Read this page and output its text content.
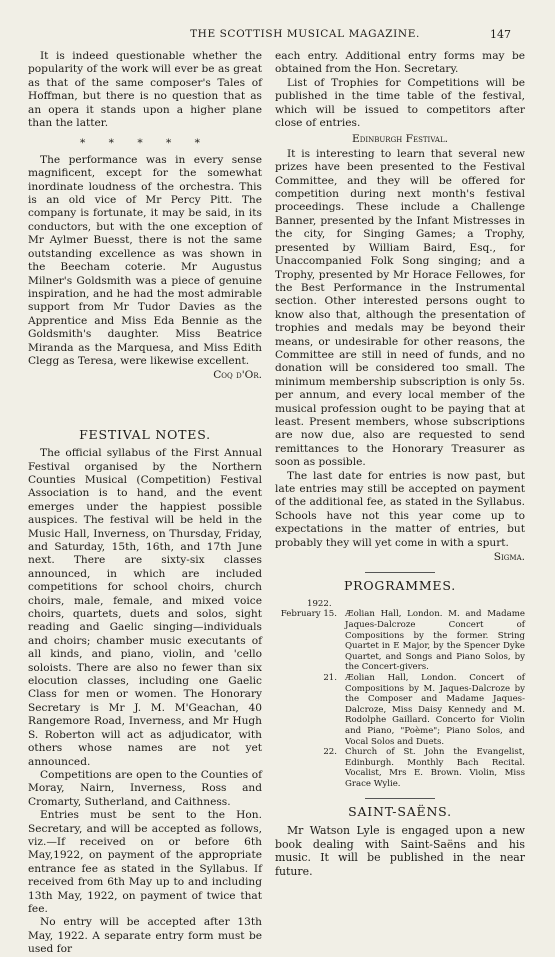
THE SCOTTISH MUSICAL MAGAZINE.	147

It is indeed questionable whether the popularity of the work will ever be as great as that of the same composer's Tales of Hoffman, but there is no question that as an opera it stands upon a higher plane than the latter.

* * * * *

The performance was in every sense magnificent, except for the somewhat inordinate loudness of the orchestra. This is an old vice of Mr Percy Pitt. The company is fortunate, it may be said, in its conductors, but with the one exception of Mr Aylmer Buesst, there is not the same outstanding excellence as was shown in the Beecham coterie. Mr Augustus Milner's Goldsmith was a piece of genuine inspiration, and he had the most admirable support from Mr Tudor Davies as the Apprentice and Miss Eda Bennie as the Goldsmith's daughter. Miss Beatrice Miranda as the Marquesa, and Miss Edith Clegg as Teresa, were likewise excellent.

Coq d'Or.
FESTIVAL NOTES.

The official syllabus of the First Annual Festival organised by the Northern Counties Musical (Competition) Festival Association is to hand, and the event emerges under the happiest possible auspices. The festival will be held in the Music Hall, Inverness, on Thursday, Friday, and Saturday, 15th, 16th, and 17th June next. There are sixty-six classes announced, in which are included competitions for school choirs, church choirs, male, female, and mixed voice choirs, quartets, duets and solos, sight reading and Gaelic singing—individuals and choirs; chamber music executants of all kinds, and piano, violin, and 'cello soloists. There are also no fewer than six elocution classes, including one Gaelic Class for men or women. The Honorary Secretary is Mr J. M. M'Geachan, 40 Rangemore Road, Inverness, and Mr Hugh S. Roberton will act as adjudicator, with others whose names are not yet announced.

Competitions are open to the Counties of Moray, Nairn, Inverness, Ross and Cromarty, Sutherland, and Caithness.

Entries must be sent to the Hon. Secretary, and will be accepted as follows, viz.—If received on or before 6th May,1922, on payment of the appropriate entrance fee as stated in the Syllabus. If received from 6th May up to and including 13th May, 1922, on payment of twice that fee.

No entry will be accepted after 13th May, 1922. A separate entry form must be used for

each entry. Additional entry forms may be obtained from the Hon. Secretary.

List of Trophies for Competitions will be published in the time table of the festival, which will be issued to competitors after close of entries.

Edinburgh Festival.

It is interesting to learn that several new prizes have been presented to the Festival Committee, and they will be offered for competition during next month's festival proceedings. These include a Challenge Banner, presented by the Infant Mistresses in the city, for Singing Games; a Trophy, presented by William Baird, Esq., for Unaccompanied Folk Song singing; and a Trophy, presented by Mr Horace Fellowes, for the Best Performance in the Instrumental section. Other interested persons ought to know also that, although the presentation of trophies and medals may be beyond their means, or undesirable for other reasons, the Committee are still in need of funds, and no donation will be considered too small. The minimum membership subscription is only 5s. per annum, and every local member of the musical profession ought to be paying that at least. Present members, whose subscriptions are now due, also are requested to send remittances to the Honorary Treasurer as soon as possible.

The last date for entries is now past, but late entries may still be accepted on payment of the additional fee, as stated in the Syllabus. Schools have not this year come up to expectations in the matter of entries, but probably they will yet come in with a spurt.

Sigma.
PROGRAMMES.
1922.
February 15. Æolian Hall, London. M. and Madame Jaques-Dalcroze Concert of Compositions by the former. String Quartet in E Major, by the Spencer Dyke Quartet, and Songs and Piano Solos, by the Concert-givers.
21. Æolian Hall, London. Concert of Compositions by M. Jaques-Dalcroze by the Composer and Madame Jaques-Dalcroze, Miss Daisy Kennedy and M. Rodolphe Gaillard. Concerto for Violin and Piano, "Poème"; Piano Solos, and Vocal Solos and Duets.
22. Church of St. John the Evangelist, Edinburgh. Monthly Bach Recital. Vocalist, Mrs E. Brown. Violin, Miss Grace Wylie.
SAINT-SAËNS.

Mr Watson Lyle is engaged upon a new book dealing with Saint-Saëns and his music. It will be published in the near future.
